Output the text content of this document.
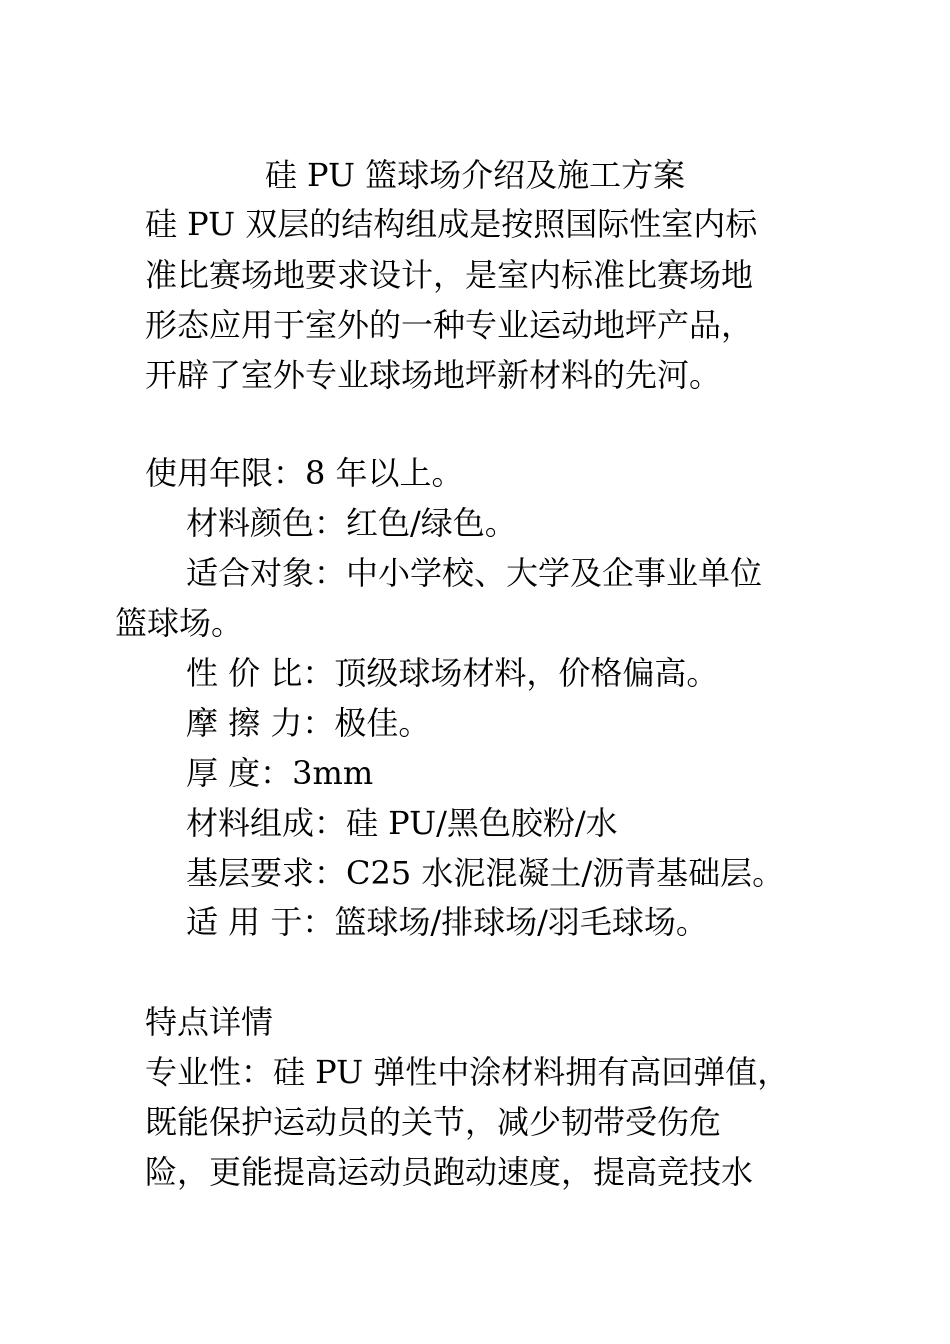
硅 PU 篮球场介绍及施工方案

硅 PU 双层的结构组成是按照国际性室内标

准比赛场地要求设计，是室内标准比赛场地

形态应用于室外的一种专业运动地坪产品，

开辟了室外专业球场地坪新材料的先河。

使用年限：8 年以上。

材料颜色：红色/绿色。

适合对象：中小学校、大学及企事业单位

篮球场。

性 价 比：顶级球场材料，价格偏高。

摩 擦 力：极佳。

厚 度：3mm

材料组成：硅 PU/黑色胶粉/水

基层要求：C25 水泥混凝土/沥青基础层。

适 用 于：篮球场/排球场/羽毛球场。

特点详情

专业性：硅 PU 弹性中涂材料拥有高回弹值，

既能保护运动员的关节，减少韧带受伤危

险，更能提高运动员跑动速度，提高竞技水
